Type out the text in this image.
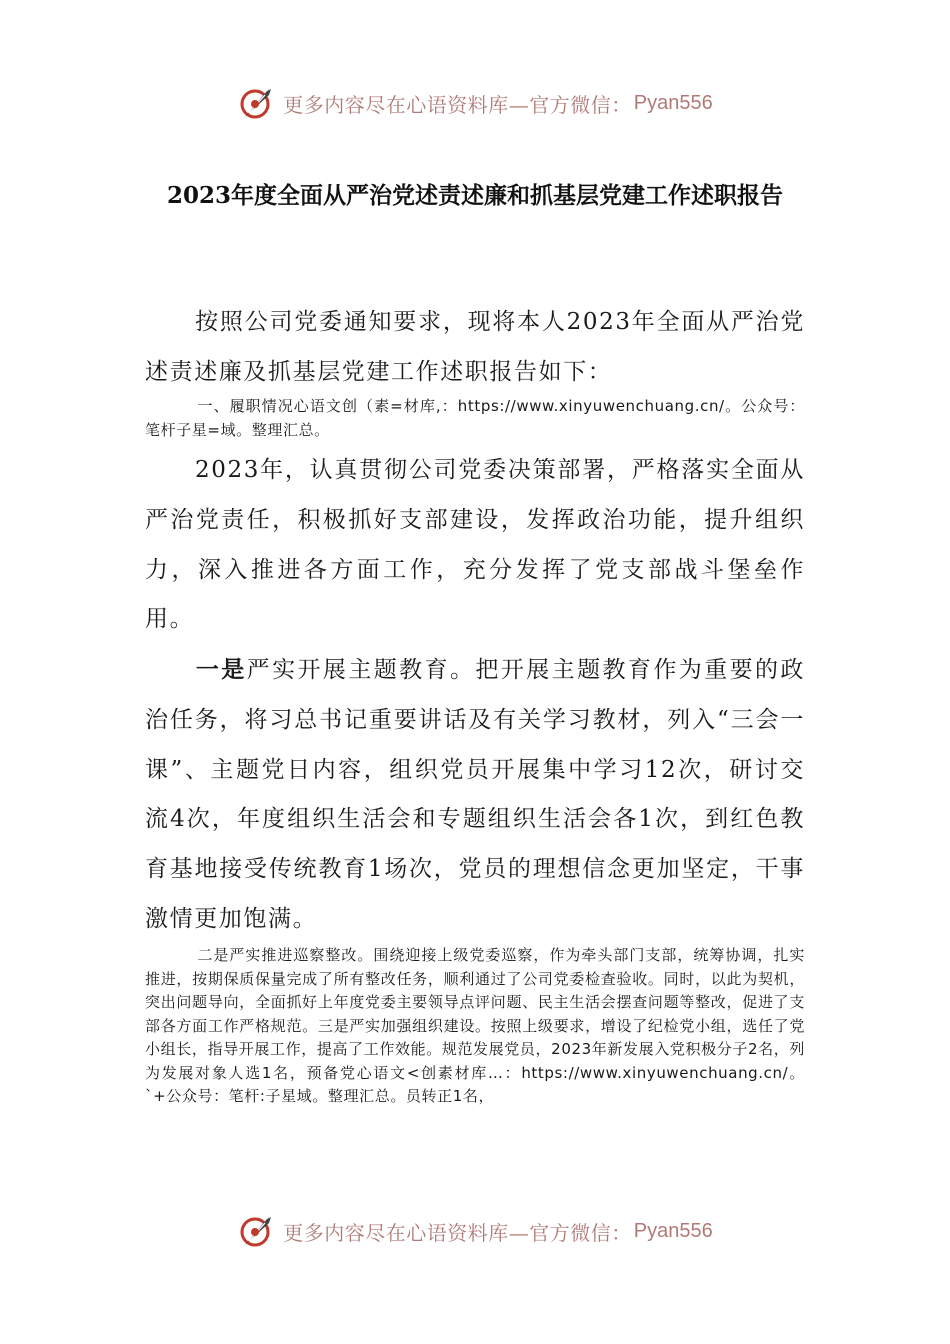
更多内容尽在心语资料库—官方微信： Pyan556
2023年度全面从严治党述责述廉和抓基层党建工作述职报告

按照公司党委通知要求，现将本人2023年全面从严治党述责述廉及抓基层党建工作述职报告如下：

一、履职情况心语文创（素=材库,：https://www.xinyuwenchuang.cn/。公众号：笔杆子星=域。整理汇总。

2023年，认真贯彻公司党委决策部署，严格落实全面从严治党责任，积极抓好支部建设，发挥政治功能，提升组织力，深入推进各方面工作，充分发挥了党支部战斗堡垒作用。

一是严实开展主题教育。把开展主题教育作为重要的政治任务，将习总书记重要讲话及有关学习教材，列入“三会一课”、主题党日内容，组织党员开展集中学习12次，研讨交流4次，年度组织生活会和专题组织生活会各1次，到红色教育基地接受传统教育1场次，党员的理想信念更加坚定，干事激情更加饱满。

二是严实推进巡察整改。围绕迎接上级党委巡察，作为牵头部门支部，统筹协调，扎实推进，按期保质保量完成了所有整改任务，顺利通过了公司党委检查验收。同时，以此为契机，突出问题导向，全面抓好上年度党委主要领导点评问题、民主生活会摆查问题等整改，促进了支部各方面工作严格规范。三是严实加强组织建设。按照上级要求，增设了纪检党小组，选任了党小组长，指导开展工作，提高了工作效能。规范发展党员，2023年新发展入党积极分子2名，列为发展对象人选1名，预备党心语文<创素材库…：https://www.xinyuwenchuang.cn/。`+公众号：笔杆:子星域。整理汇总。员转正1名，

更多内容尽在心语资料库—官方微信： Pyan556
